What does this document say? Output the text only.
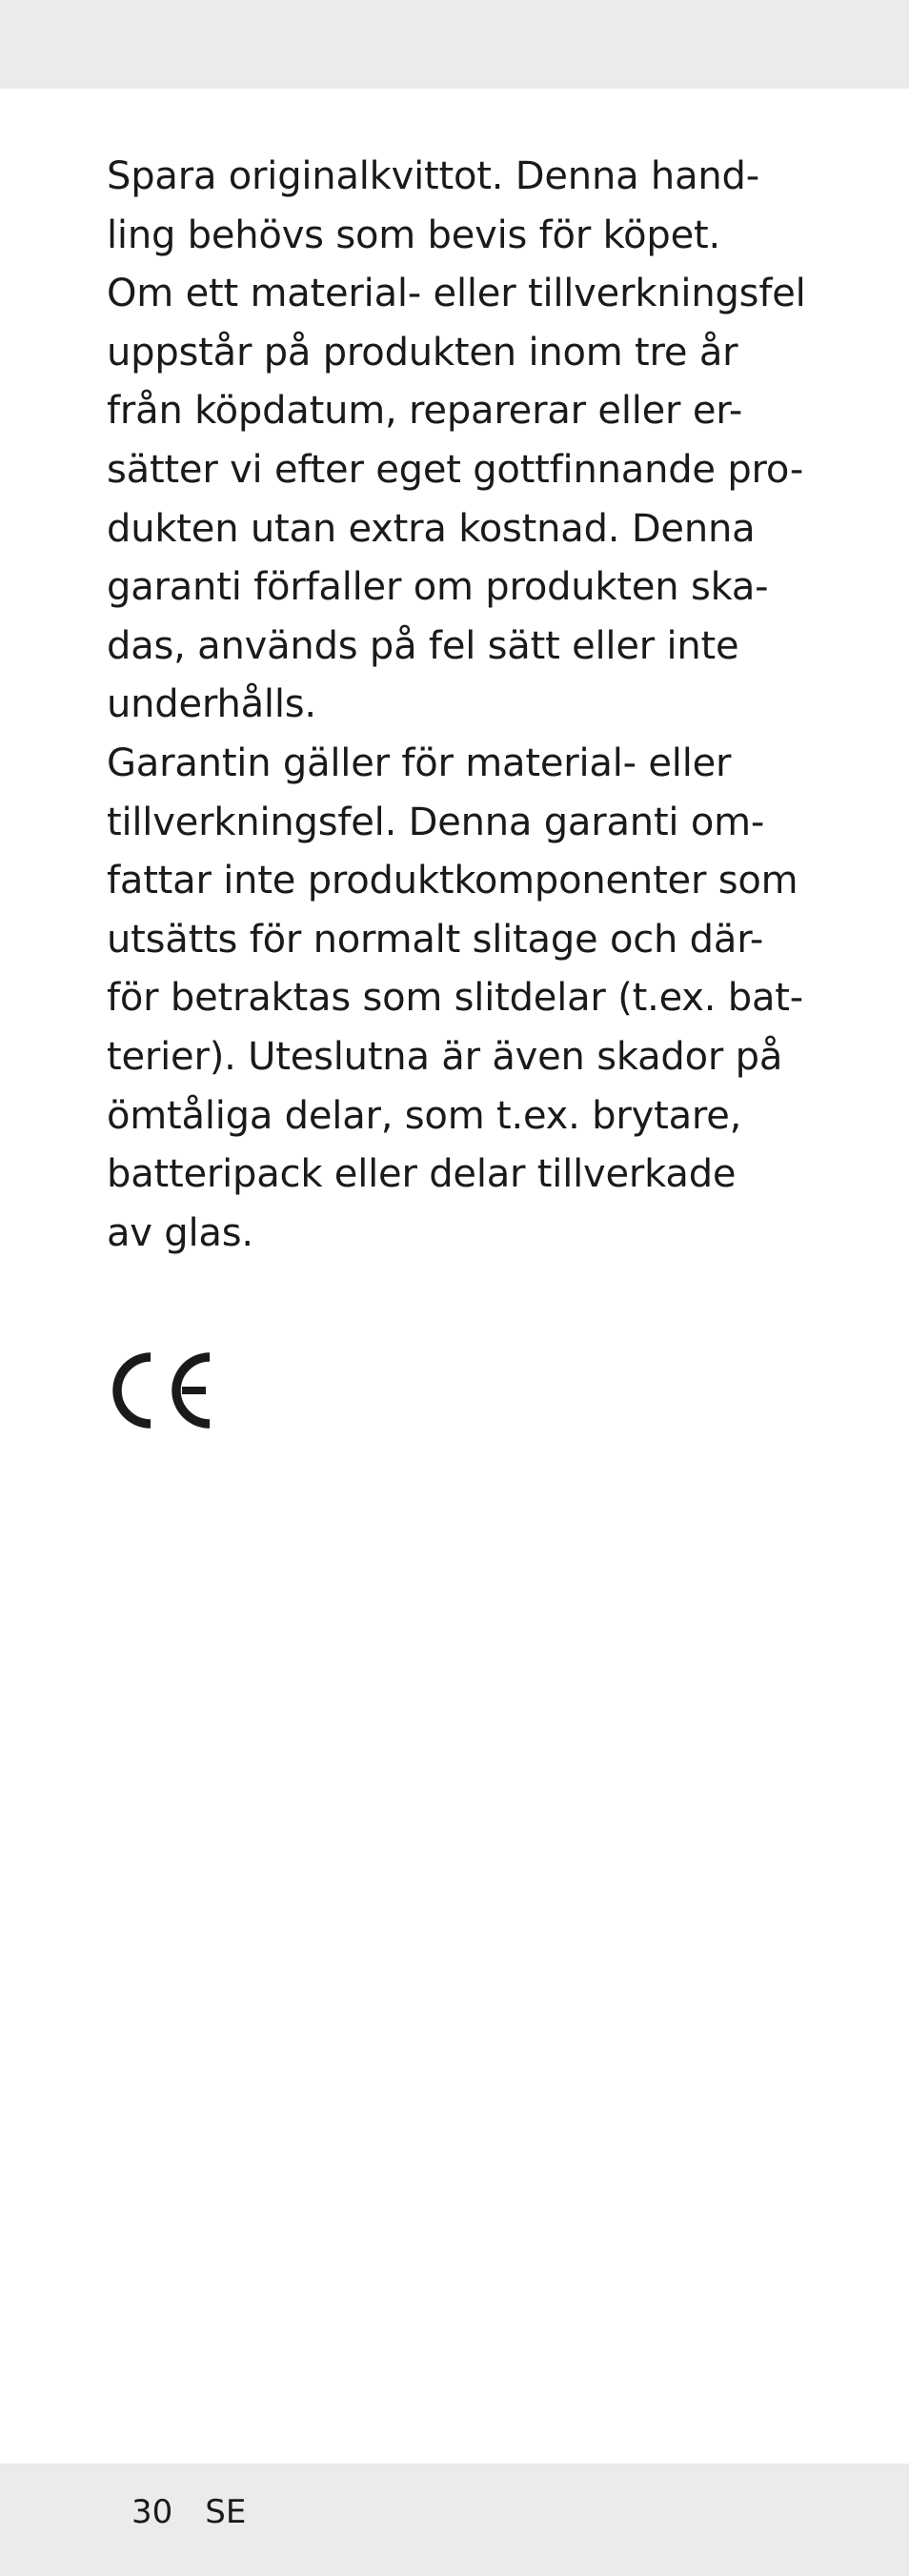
Spara originalkvittot. Denna hand-
ling behövs som bevis för köpet.
Om ett material- eller tillverkningsfel
uppstår på produkten inom tre år
från köpdatum, reparerar eller er-
sätter vi efter eget gottfinnande pro-
dukten utan extra kostnad. Denna
garanti förfaller om produkten ska-
das, används på fel sätt eller inte
underhålls.
Garantin gäller för material- eller
tillverkningsfel. Denna garanti om-
fattar inte produktkomponenter som
utsätts för normalt slitage och där-
för betraktas som slitdelar (t.ex. bat-
terier). Uteslutna är även skador på
ömtåliga delar, som t.ex. brytare,
batteripack eller delar tillverkade
av glas.
30 SE
